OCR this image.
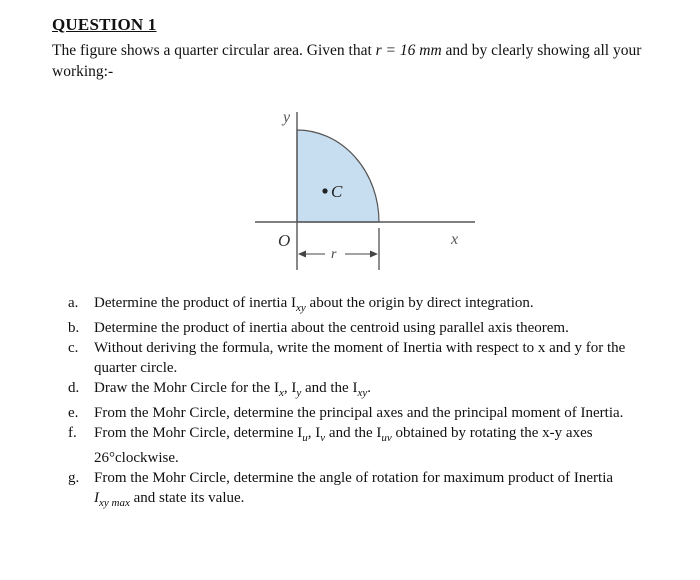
QUESTION 1
The figure shows a quarter circular area. Given that r = 16 mm and by clearly showing all your
working:-
y
x
O
C
r
a.	Determine the product of inertia $I_{xy}$ about the origin by direct integration.
b. Determine the product of inertia about the centroid using parallel axis theorem.
c.	Without deriving the formula, write the moment of Inertia with respect to x and y for the
quarter circle.
d. Draw the Mohr Circle for the $I_x$, $I_y$ and the $I_{xy}$.
e.	From the Mohr Circle, determine the principal axes and the principal moment of Inertia.
f.	From the Mohr Circle, determine $I_u$, $I_v$ and the $I_{uv}$ obtained by rotating the x-y axes
26°clockwise.
g. From the Mohr Circle, determine the angle of rotation for maximum product of Inertia
$I_{xy max}$ and state its value.
